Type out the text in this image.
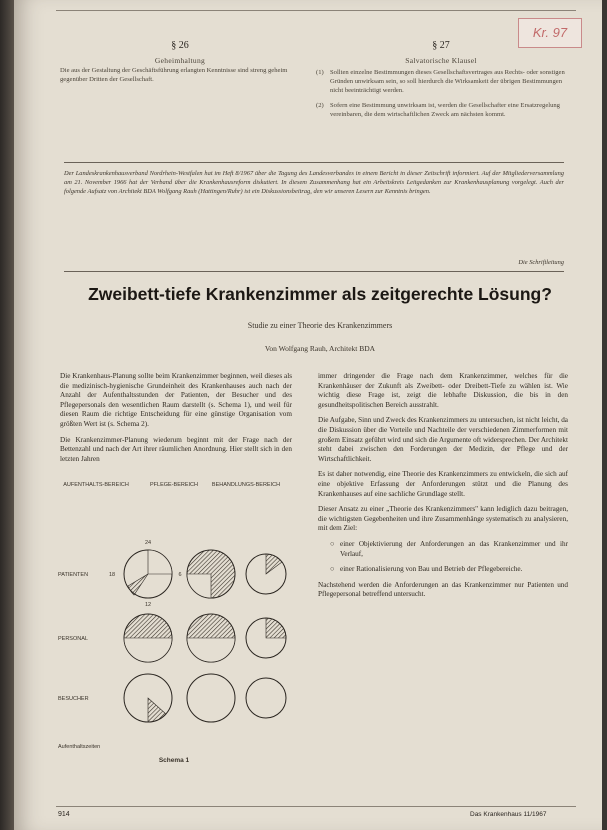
Kr. 97
§ 26
Geheimhaltung
Die aus der Gestaltung der Geschäftsführung erlangten Kenntnisse sind streng geheim gegenüber Dritten der Gesellschaft.
§ 27
Salvatorische Klausel
(1) Sollten einzelne Bestimmungen dieses Gesellschaftsvertrages aus Rechts- oder sonstigen Gründen unwirksam sein, so soll hierdurch die Wirksamkeit der übrigen Bestimmungen nicht beeinträchtigt werden.
(2) Sofern eine Bestimmung unwirksam ist, werden die Gesellschafter eine Ersatzregelung vereinbaren, die dem wirtschaftlichen Zweck am nächsten kommt.
Der Landeskrankenhausverband Nordrhein-Westfalen hat im Heft 8/1967 über die Tagung des Landesverbandes in einem Bericht in dieser Zeitschrift informiert. Auf der Mitgliederversammlung am 21. November 1966 hat der Verband über die Krankenhausreform diskutiert. In diesem Zusammenhang hat ein Arbeitskreis Leitgedanken zur Krankenhausplanung vorgelegt. Auch der folgende Aufsatz von Architekt BDA Wolfgang Rauh (Hattingen/Ruhr) ist ein Diskussionsbeitrag, den wir unseren Lesern zur Kenntnis bringen.
Die Schriftleitung
Zweibett-tiefe Krankenzimmer als zeitgerechte Lösung?
Studie zu einer Theorie des Krankenzimmers
Von Wolfgang Rauh, Architekt BDA

Die Krankenhaus-Planung sollte beim Krankenzimmer beginnen, weil dieses als die medizinisch-hygienische Grundeinheit des Krankenhauses auch nach der Anzahl der Aufenthaltsstunden der Patienten, der Besucher und des Pflegepersonals den wesentlichen Raum darstellt (s. Schema 1), und weil für diesen Raum die richtige Entscheidung für eine günstige Organisation vom größten Wert ist (s. Schema 2).

Die Krankenzimmer-Planung wiederum beginnt mit der Frage nach der Bettenzahl und nach der Art ihrer räumlichen Anordnung. Hier stellt sich in den letzten Jahren

AUFENTHALTS-BEREICH	PFLEGE-BEREICH	BEHANDLUNGS-BEREICH
24
18	6
12
PATIENTEN
PERSONAL
BESUCHER
Aufenthaltszeiten
Schema 1

immer dringender die Frage nach dem Krankenzimmer, welches für die Krankenhäuser der Zukunft als Zweibett- oder Dreibett-Tiefe zu wählen ist. Wie wichtig diese Frage ist, zeigt die lebhafte Diskussion, die bis in den gesundheitspolitischen Bereich ausstrahlt.

Die Aufgabe, Sinn und Zweck des Krankenzimmers zu untersuchen, ist nicht leicht, da die Diskussion über die Vorteile und Nachteile der verschiedenen Zimmerformen mit großem Einsatz geführt wird und sich die Argumente oft widersprechen. Der Architekt steht dabei zwischen den Forderungen der Medizin, der Pflege und der Wirtschaftlichkeit.

Es ist daher notwendig, eine Theorie des Krankenzimmers zu entwickeln, die sich auf eine objektive Erfassung der Anforderungen stützt und die Planung des Krankenhauses auf eine sachliche Grundlage stellt.

Dieser Ansatz zu einer „Theorie des Krankenzimmers" kann lediglich dazu beitragen, die wichtigsten Gegebenheiten und ihre Zusammenhänge systematisch zu analysieren, mit dem Ziel:

○ einer Objektivierung der Anforderungen an das Krankenzimmer und ihr Verlauf,
○ einer Rationalisierung von Bau und Betrieb der Pflegebereiche.

Nachstehend werden die Anforderungen an das Krankenzimmer nur Patienten und Pflegepersonal betreffend untersucht.

914	Das Krankenhaus 11/1967
